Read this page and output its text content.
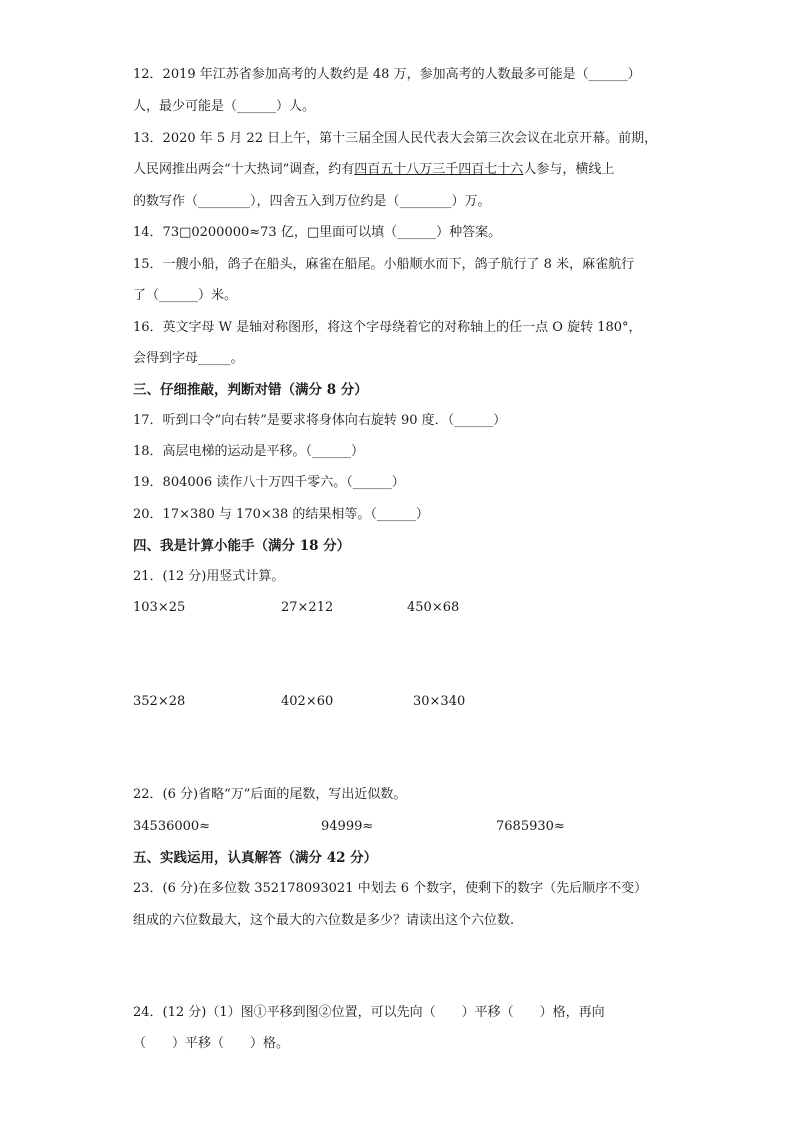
12．2019 年江苏省参加高考的人数约是 48 万，参加高考的人数最多可能是（______）
人，最少可能是（______）人。
13．2020 年 5 月 22 日上午，第十三届全国人民代表大会第三次会议在北京开幕。前期，
人民网推出两会“十大热词”调查，约有四百五十八万三千四百七十六人参与，横线上
的数写作（________），四舍五入到万位约是（________）万。
14．73□0200000≈73 亿，□里面可以填（______）种答案。
15．一艘小船，鸽子在船头，麻雀在船尾。小船顺水而下，鸽子航行了 8 米，麻雀航行
了（______）米。
16．英文字母 W 是轴对称图形，将这个字母绕着它的对称轴上的任一点 O 旋转 180°，
会得到字母_____。
三、仔细推敲，判断对错（满分 8 分）
17．听到口令“向右转”是要求将身体向右旋转 90 度．（______）
18．高层电梯的运动是平移。（______）
19．804006 读作八十万四千零六。（______）
20．17×380 与 170×38 的结果相等。（______）
四、我是计算小能手（满分 18 分）
21．(12 分)用竖式计算。
103×25	27×212	450×68
352×28	402×60	30×340
22．(6 分)省略“万”后面的尾数，写出近似数。
34536000≈	94999≈	7685930≈
五、实践运用，认真解答（满分 42 分）
23．(6 分)在多位数 352178093021 中划去 6 个数字，使剩下的数字（先后顺序不变）
组成的六位数最大，这个最大的六位数是多少？请读出这个六位数.
24．(12 分)（1）图①平移到图②位置，可以先向（　　）平移（　　）格，再向
（　　）平移（　　）格。
